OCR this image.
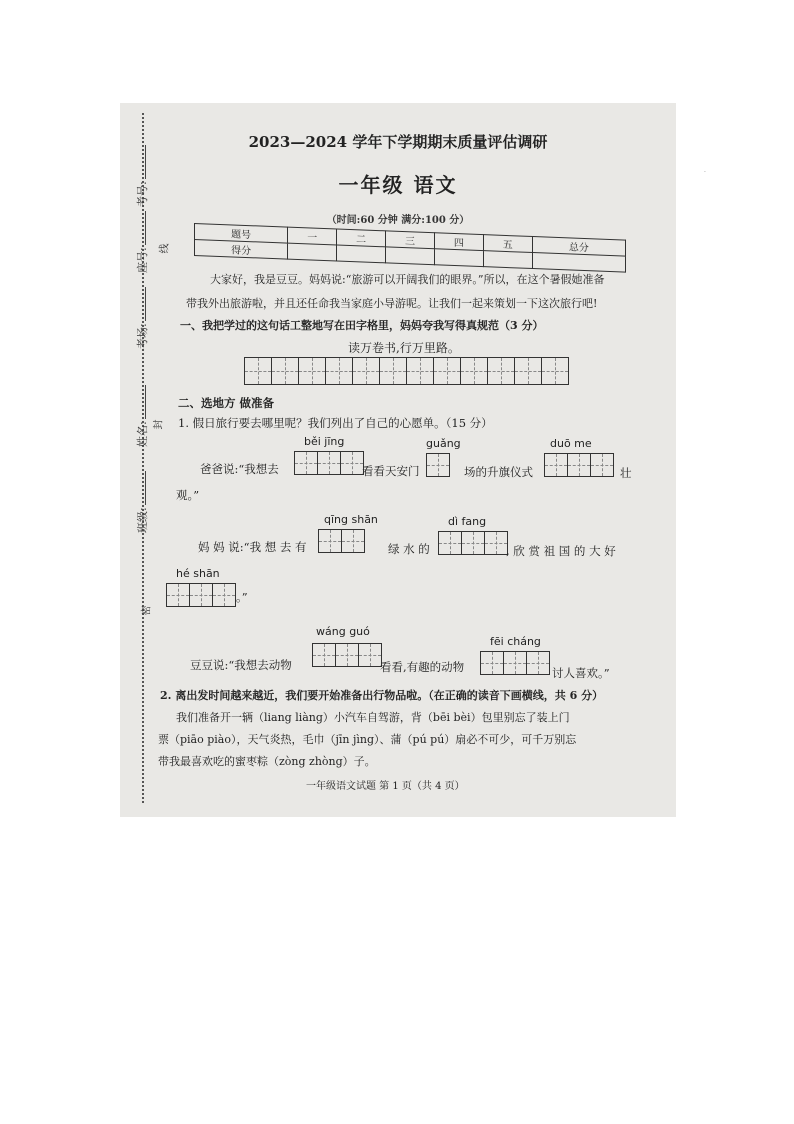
考号:
座号:
考场:
姓名:
班级:
线
封
密
2023—2024 学年下学期期末质量评估调研
一年级 语文
（时间:60 分钟 满分:100 分）
·
题号	一	二	三	四	五	总分
得分						
大家好，我是豆豆。妈妈说:“旅游可以开阔我们的眼界。”所以，在这个暑假她准备
带我外出旅游啦，并且还任命我当家庭小导游呢。让我们一起来策划一下这次旅行吧!
一、我把学过的这句话工整地写在田字格里，妈妈夸我写得真规范（3 分）
读万卷书,行万里路。
二、选地方 做准备
1. 假日旅行要去哪里呢？我们列出了自己的心愿单。（15 分）
běi jīng	guǎng	duō me
爸爸说:“我想去	看看天安门	场的升旗仪式	壮
观。”
qīng shān	dì fang
妈 妈 说:“我 想 去 有	绿 水 的	, 欣 赏 祖 国 的 大 好
hé shān
。”
wáng guó
fēi cháng
豆豆说:“我想去动物	看看,有趣的动物	讨人喜欢。”
2. 离出发时间越来越近，我们要开始准备出行物品啦。（在正确的读音下画横线，共 6 分）
我们准备开一辆（liang liàng）小汽车自驾游，背（bēi bèi）包里别忘了装上门
票（piāo piào），天气炎热，毛巾（jīn jìng）、蒲（pú pú）扇必不可少，可千万别忘
带我最喜欢吃的蜜枣粽（zòng zhòng）子。
一年级语文试题 第 1 页（共 4 页）
